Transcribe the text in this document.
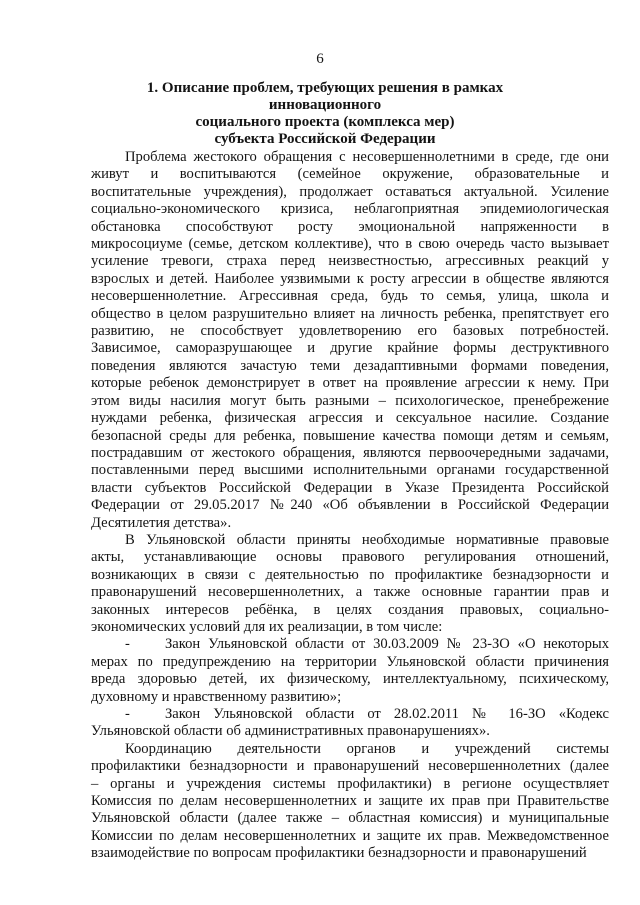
6
1. Описание проблем, требующих решения в рамках инновационного
социального проекта (комплекса мер)
субъекта Российской Федерации

Проблема жестокого обращения с несовершеннолетними в среде, где они
живут и воспитываются (семейное окружение, образовательные и
воспитательные учреждения), продолжает оставаться актуальной. Усиление
социально-экономического кризиса, неблагоприятная эпидемиологическая
обстановка способствуют росту эмоциональной напряженности в
микросоциуме (семье, детском коллективе), что в свою очередь часто вызывает
усиление тревоги, страха перед неизвестностью, агрессивных реакций у
взрослых и детей. Наиболее уязвимыми к росту агрессии в обществе являются
несовершеннолетние. Агрессивная среда, будь то семья, улица, школа и
общество в целом разрушительно влияет на личность ребенка, препятствует его
развитию, не способствует удовлетворению его базовых потребностей.
Зависимое, саморазрушающее и другие крайние формы деструктивного
поведения являются зачастую теми дезадаптивными формами поведения,
которые ребенок демонстрирует в ответ на проявление агрессии к нему. При
этом виды насилия могут быть разными – психологическое, пренебрежение
нуждами ребенка, физическая агрессия и сексуальное насилие. Создание
безопасной среды для ребенка, повышение качества помощи детям и семьям,
пострадавшим от жестокого обращения, являются первоочередными задачами,
поставленными перед высшими исполнительными органами государственной
власти субъектов Российской Федерации в Указе Президента Российской
Федерации от 29.05.2017 №240 «Об объявлении в Российской Федерации
Десятилетия детства».

В Ульяновской области приняты необходимые нормативные правовые
акты, устанавливающие основы правового регулирования отношений,
возникающих в связи с деятельностью по профилактике безнадзорности и
правонарушений несовершеннолетних, а также основные гарантии прав и
законных интересов ребёнка, в целях создания правовых, социально-
экономических условий для их реализации, в том числе:

- Закон Ульяновской области от 30.03.2009 № 23-ЗО «О некоторых
мерах по предупреждению на территории Ульяновской области причинения
вреда здоровью детей, их физическому, интеллектуальному, психическому,
духовному и нравственному развитию»;

- Закон Ульяновской области от 28.02.2011 № 16-ЗО «Кодекс
Ульяновской области об административных правонарушениях».

Координацию деятельности органов и учреждений системы
профилактики безнадзорности и правонарушений несовершеннолетних (далее
– органы и учреждения системы профилактики) в регионе осуществляет
Комиссия по делам несовершеннолетних и защите их прав при Правительстве
Ульяновской области (далее также – областная комиссия) и муниципальные
Комиссии по делам несовершеннолетних и защите их прав. Межведомственное
взаимодействие по вопросам профилактики безнадзорности и правонарушений
